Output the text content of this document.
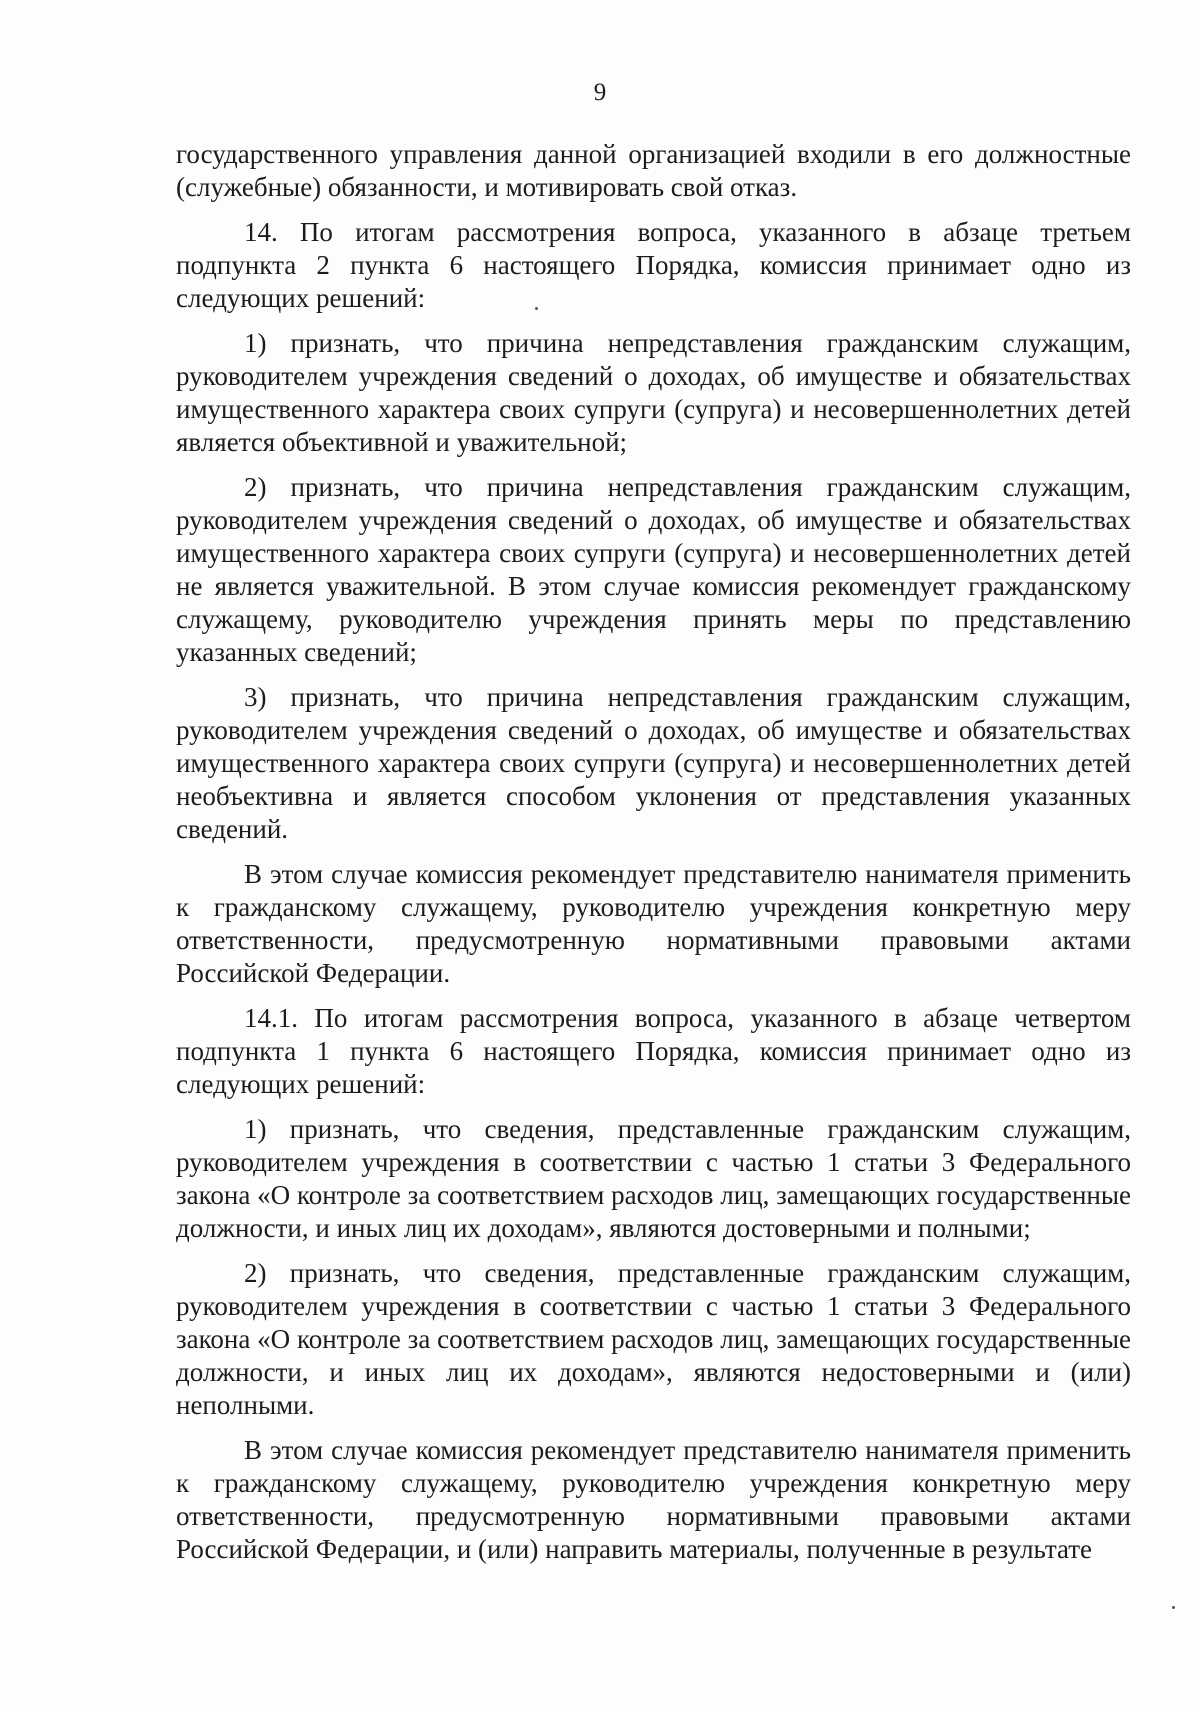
9

государственного управления данной организацией входили в его должностные (служебные) обязанности, и мотивировать свой отказ.

14. По итогам рассмотрения вопроса, указанного в абзаце третьем подпункта 2 пункта 6 настоящего Порядка, комиссия принимает одно из следующих решений:

1) признать, что причина непредставления гражданским служащим, руководителем учреждения сведений о доходах, об имуществе и обязательствах имущественного характера своих супруги (супруга) и несовершеннолетних детей является объективной и уважительной;

2) признать, что причина непредставления гражданским служащим, руководителем учреждения сведений о доходах, об имуществе и обязательствах имущественного характера своих супруги (супруга) и несовершеннолетних детей не является уважительной. В этом случае комиссия рекомендует гражданскому служащему, руководителю учреждения принять меры по представлению указанных сведений;

3) признать, что причина непредставления гражданским служащим, руководителем учреждения сведений о доходах, об имуществе и обязательствах имущественного характера своих супруги (супруга) и несовершеннолетних детей необъективна и является способом уклонения от представления указанных сведений.

В этом случае комиссия рекомендует представителю нанимателя применить к гражданскому служащему, руководителю учреждения конкретную меру ответственности, предусмотренную нормативными правовыми актами Российской Федерации.

14.1. По итогам рассмотрения вопроса, указанного в абзаце четвертом подпункта 1 пункта 6 настоящего Порядка, комиссия принимает одно из следующих решений:

1) признать, что сведения, представленные гражданским служащим, руководителем учреждения в соответствии с частью 1 статьи 3 Федерального закона «О контроле за соответствием расходов лиц, замещающих государственные должности, и иных лиц их доходам», являются достоверными и полными;

2) признать, что сведения, представленные гражданским служащим, руководителем учреждения в соответствии с частью 1 статьи 3 Федерального закона «О контроле за соответствием расходов лиц, замещающих государственные должности, и иных лиц их доходам», являются недостоверными и (или) неполными.

В этом случае комиссия рекомендует представителю нанимателя применить к гражданскому служащему, руководителю учреждения конкретную меру ответственности, предусмотренную нормативными правовыми актами Российской Федерации, и (или) направить материалы, полученные в результате
